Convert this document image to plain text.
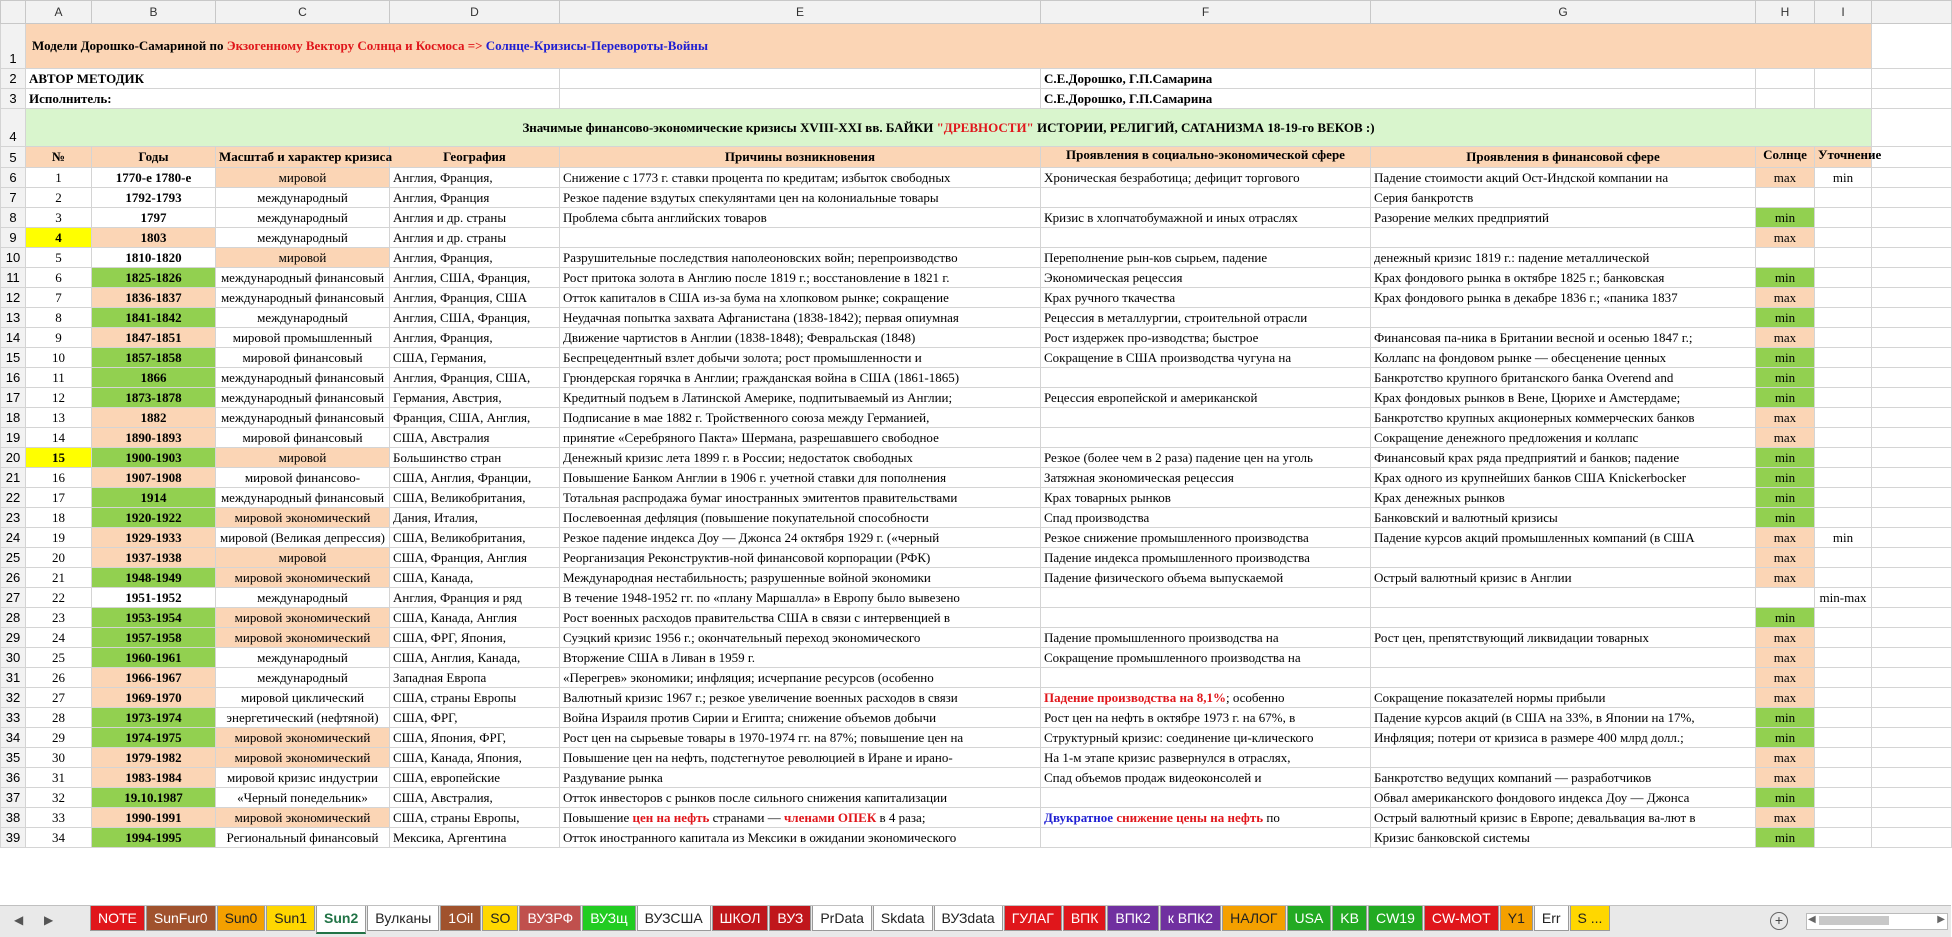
	A	B	C	D	E	F	G	H	I	
1	Модели Дорошко-Самариной по Экзогенному Вектору Солнца и Космоса => Солнце-Кризисы-Перевороты-Войны									
2	АВТОР МЕТОДИК					С.Е.Дорошко, Г.П.Самарина				
3	Исполнитель:					С.Е.Дорошко, Г.П.Самарина				
4	Значимые финансово-экономические кризисы XVIII-XXI вв. БАЙКИ "ДРЕВНОСТИ" ИСТОРИИ, РЕЛИГИЙ, САТАНИЗМА 18-19-го ВЕКОВ :)									
5	№	Годы	Масштаб и характер кризиса	География	Причины возникновения	Проявления в социально-экономической сфере	Проявления в финансовой сфере	Солнце	Уточнение	
6	1	1770-е 1780-е	мировой	Англия, Франция,	Снижение с 1773 г. ставки процента по кредитам; избыток свободных	Хроническая безработица; дефицит торгового	Падение стоимости акций Ост-Индской компании на	max	min	
7	2	1792-1793	международный	Англия, Франция	Резкое падение вздутых спекулянтами цен на колониальные товары		Серия банкротств			
8	3	1797	международный	Англия и др. страны	Проблема сбыта английских товаров	Кризис в хлопчатобумажной и иных отраслях	Разорение мелких предприятий	min		
9	4	1803	международный	Англия и др. страны				max		
10	5	1810-1820	мировой	Англия, Франция,	Разрушительные последствия наполеоновских войн; перепроизводство	Переполнение рын-ков сырьем, падение	денежный кризис 1819 г.: падение металлической			
11	6	1825-1826	международный финансовый	Англия, США, Франция,	Рост притока золота в Англию после 1819 г.; восстановление в 1821 г.	Экономическая рецессия	Крах фондового рынка в октябре 1825 г.; банковская	min		
12	7	1836-1837	международный финансовый	Англия, Франция, США	Отток капиталов в США из-за бума на хлопковом рынке; сокращение	Крах ручного ткачества	Крах фондового рынка в декабре 1836 г.; «паника 1837	max		
13	8	1841-1842	международный	Англия, США, Франция,	Неудачная попытка захвата Афганистана (1838-1842); первая опиумная	Рецессия в металлургии, строительной отрасли		min		
14	9	1847-1851	мировой промышленный	Англия, Франция,	Движение чартистов в Англии (1838-1848); Февральская (1848)	Рост издержек про-изводства; быстрое	Финансовая па-ника в Британии весной и осенью 1847 г.;	max		
15	10	1857-1858	мировой финансовый	США, Германия,	Беспрецедентный взлет добычи золота; рост промышленности и	Сокращение в США производства чугуна на	Коллапс на фондовом рынке — обесценение ценных	min		
16	11	1866	международный финансовый	Англия, Франция, США,	Грюндерская горячка в Англии; гражданская война в США (1861-1865)		Банкротство крупного британского банка Overend and	min		
17	12	1873-1878	международный финансовый	Германия, Австрия,	Кредитный подъем в Латинской Америке, подпитываемый из Англии;	Рецессия европейской и американской	Крах фондовых рынков в Вене, Цюрихе и Амстердаме;	min		
18	13	1882	международный финансовый	Франция, США, Англия,	Подписание в мае 1882 г. Тройственного союза между Германией,		Банкротство крупных акционерных коммерческих банков	max		
19	14	1890-1893	мировой финансовый	США, Австралия	принятие «Серебряного Пакта» Шермана, разрешавшего свободное		Сокращение денежного предложения и коллапс	max		
20	15	1900-1903	мировой	Большинство стран	Денежный кризис лета 1899 г. в России; недостаток свободных	Резкое (более чем в 2 раза) падение цен на уголь	Финансовый крах ряда предприятий и банков; падение	min		
21	16	1907-1908	мировой финансово-	США, Англия, Франции,	Повышение Банком Англии в 1906 г. учетной ставки для пополнения	Затяжная экономическая рецессия	Крах одного из крупнейших банков США Knickerbocker	min		
22	17	1914	международный финансовый	США, Великобритания,	Тотальная распродажа бумаг иностранных эмитентов правительствами	Крах товарных рынков	Крах денежных рынков	min		
23	18	1920-1922	мировой экономический	Дания, Италия,	Послевоенная дефляция (повышение покупательной способности	Спад производства	Банковский и валютный кризисы	min		
24	19	1929-1933	мировой (Великая депрессия)	США, Великобритания,	Резкое падение индекса Доу — Джонса 24 октября 1929 г. («черный	Резкое снижение промышленного производства	Падение курсов акций промышленных компаний (в США	max	min	
25	20	1937-1938	мировой	США, Франция, Англия	Реорганизация Реконструктив-ной финансовой корпорации (РФК)	Падение индекса промышленного производства		max		
26	21	1948-1949	мировой экономический	США, Канада,	Международная нестабильность; разрушенные войной экономики	Падение физического объема выпускаемой	Острый валютный кризис в Англии	max		
27	22	1951-1952	международный	Англия, Франция и ряд	В течение 1948-1952 гг. по «плану Маршалла» в Европу было вывезено				min-max	
28	23	1953-1954	мировой экономический	США, Канада, Англия	Рост военных расходов правительства США в связи с интервенцией в			min		
29	24	1957-1958	мировой экономический	США, ФРГ, Япония,	Суэцкий кризис 1956 г.; окончательный переход экономического	Падение промышленного производства на	Рост цен, препятствующий ликвидации товарных	max		
30	25	1960-1961	международный	США, Англия, Канада,	Вторжение США в Ливан в 1959 г.	Сокращение промышленного производства на		max		
31	26	1966-1967	международный	Западная Европа	«Перегрев» экономики; инфляция; исчерпание ресурсов (особенно			max		
32	27	1969-1970	мировой циклический	США, страны Европы	Валютный кризис 1967 г.; резкое увеличение военных расходов в связи	Падение производства на 8,1%; особенно	Сокращение показателей нормы прибыли	max		
33	28	1973-1974	энергетический (нефтяной)	США, ФРГ,	Война Израиля против Сирии и Египта; снижение объемов добычи	Рост цен на нефть в октябре 1973 г. на 67%, в	Падение курсов акций (в США на 33%, в Японии на 17%,	min		
34	29	1974-1975	мировой экономический	США, Япония, ФРГ,	Рост цен на сырьевые товары в 1970-1974 гг. на 87%; повышение цен на	Структурный кризис: соединение ци-клического	Инфляция; потери от кризиса в размере 400 млрд долл.;	min		
35	30	1979-1982	мировой экономический	США, Канада, Япония,	Повышение цен на нефть, подстегнутое революцией в Иране и ирано-	На 1-м этапе кризис развернулся в отраслях,		max		
36	31	1983-1984	мировой кризис индустрии	США, европейские	Раздувание рынка	Спад объемов продаж видеоконсолей и	Банкротство ведущих компаний — разработчиков	max		
37	32	19.10.1987	«Черный понедельник»	США, Австралия,	Отток инвесторов с рынков после сильного снижения капитализации		Обвал американского фондового индекса Доу — Джонса	min		
38	33	1990-1991	мировой экономический	США, страны Европы,	Повышение цен на нефть странами — членами ОПЕК в 4 раза;	Двукратное снижение цены на нефть по	Острый валютный кризис в Европе; девальвация ва-лют в	max		
39	34	1994-1995	Региональный финансовый	Мексика, Аргентина	Отток иностранного капитала из Мексики в ожидании экономического		Кризис банковской системы	min		
◀ ▶	NOTE	SunFur0	Sun0	Sun1	Sun2	Вулканы	1Oil	SO	ВУЗРФ	ВУЗщ	ВУЗСША	ШКОЛ	ВУЗ	PrData	Skdata	ВУЗdata	ГУЛАГ	ВПК	ВПК2	к ВПК2	НАЛОГ	USA	KB	CW19	CW-MOT	Y1	Err	S ...	+	◀	▶
